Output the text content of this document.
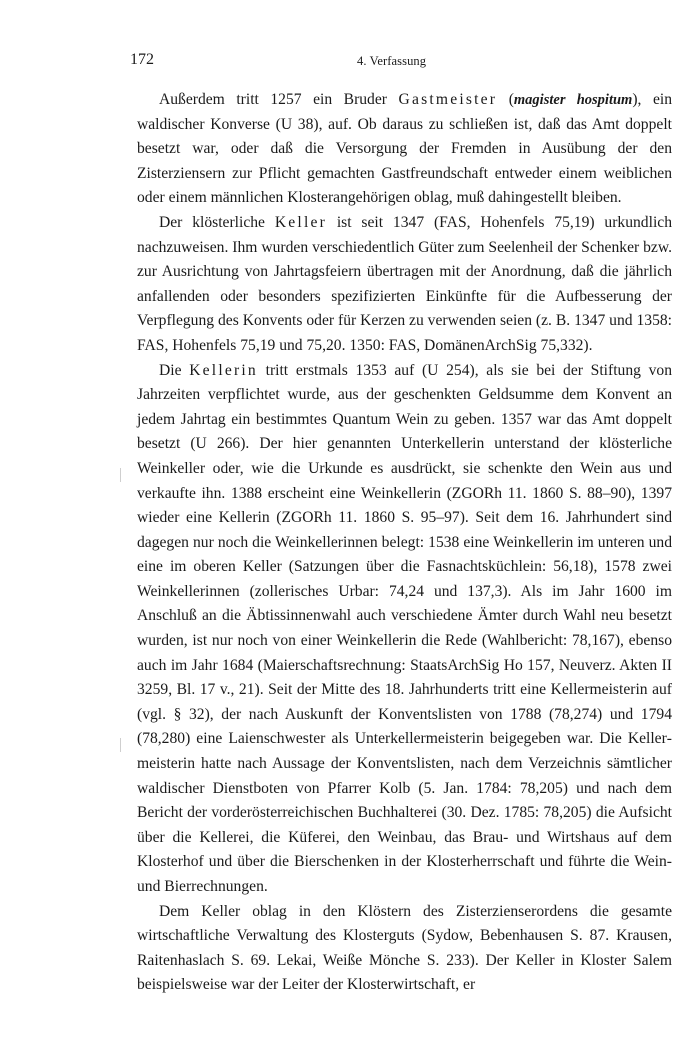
172	4. Verfassung

Außerdem tritt 1257 ein Bruder Gastmeister (magister hospitum), ein waldischer Konverse (U 38), auf. Ob daraus zu schließen ist, daß das Amt doppelt besetzt war, oder daß die Versorgung der Fremden in Ausübung der den Zisterziensern zur Pflicht gemachten Gastfreundschaft entweder einem weiblichen oder einem männlichen Klosterangehörigen oblag, muß dahingestellt bleiben.

Der klösterliche Keller ist seit 1347 (FAS, Hohenfels 75,19) urkundlich nachzuweisen. Ihm wurden verschiedentlich Güter zum Seelenheil der Schenker bzw. zur Ausrichtung von Jahrtagsfeiern übertragen mit der Anordnung, daß die jährlich anfallenden oder besonders spezifizierten Einkünfte für die Aufbesserung der Verpflegung des Konvents oder für Kerzen zu verwenden seien (z. B. 1347 und 1358: FAS, Hohenfels 75,19 und 75,20. 1350: FAS, DomänenArchSig 75,332).

Die Kellerin tritt erstmals 1353 auf (U 254), als sie bei der Stiftung von Jahrzeiten verpflichtet wurde, aus der geschenkten Geldsumme dem Konvent an jedem Jahrtag ein bestimmtes Quantum Wein zu geben. 1357 war das Amt doppelt besetzt (U 266). Der hier genannten Unterkellerin unterstand der klösterliche Weinkeller oder, wie die Urkunde es ausdrückt, sie schenkte den Wein aus und verkaufte ihn. 1388 erscheint eine Weinkellerin (ZGORh 11. 1860 S. 88–90), 1397 wieder eine Kellerin (ZGORh 11. 1860 S. 95–97). Seit dem 16. Jahrhundert sind dagegen nur noch die Weinkellerinnen belegt: 1538 eine Weinkellerin im unteren und eine im oberen Keller (Satzungen über die Fasnachtsküchlein: 56,18), 1578 zwei Weinkellerinnen (zollerisches Urbar: 74,24 und 137,3). Als im Jahr 1600 im Anschluß an die Äbtissinnenwahl auch verschiedene Ämter durch Wahl neu besetzt wurden, ist nur noch von einer Weinkellerin die Rede (Wahlbericht: 78,167), ebenso auch im Jahr 1684 (Maierschaftsrechnung: StaatsArchSig Ho 157, Neuverz. Akten II 3259, Bl. 17 v., 21). Seit der Mitte des 18. Jahrhunderts tritt eine Kellermeisterin auf (vgl. § 32), der nach Auskunft der Konventslisten von 1788 (78,274) und 1794 (78,280) eine Laienschwester als Unterkellermeisterin beigegeben war. Die Kellermeisterin hatte nach Aussage der Konventslisten, nach dem Verzeichnis sämtlicher waldischer Dienstboten von Pfarrer Kolb (5. Jan. 1784: 78,205) und nach dem Bericht der vorderösterreichischen Buchhalterei (30. Dez. 1785: 78,205) die Aufsicht über die Kellerei, die Küferei, den Weinbau, das Brau- und Wirtshaus auf dem Klosterhof und über die Bierschenken in der Klosterherrschaft und führte die Wein- und Bierrechnungen.

Dem Keller oblag in den Klöstern des Zisterzienserordens die gesamte wirtschaftliche Verwaltung des Klosterguts (Sydow, Bebenhausen S. 87. Krausen, Raitenhaslach S. 69. Lekai, Weiße Mönche S. 233). Der Keller in Kloster Salem beispielsweise war der Leiter der Klosterwirtschaft, er
